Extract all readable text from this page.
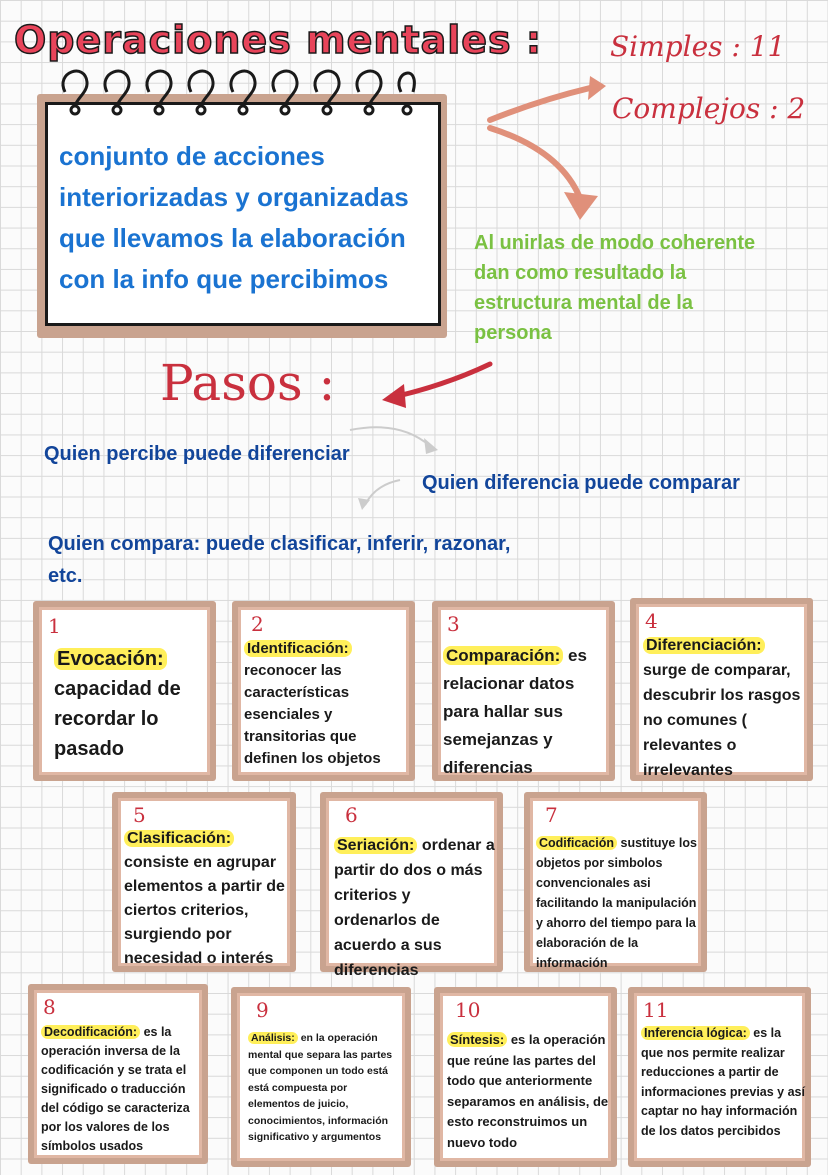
Operaciones mentales : Simples : 11
Complejos : 2
conjunto de acciones interiorizadas y organizadas que llevamos la elaboración con la info que percibimos
Al unirlas de modo coherente dan como resultado la estructura mental de la persona
Pasos :
Quien percibe puede diferenciar
Quien diferencia puede comparar
Quien compara: puede clasificar, inferir, razonar, etc.
1
Evocación: capacidad de recordar lo pasado
2
Identificación: reconocer las características esenciales y transitorias que definen los objetos
3
Comparación: es relacionar datos para hallar sus semejanzas y diferencias
4
Diferenciación: surge de comparar, descubrir los rasgos no comunes ( relevantes o irrelevantes
5
Clasificación: consiste en agrupar elementos a partir de ciertos criterios, surgiendo por necesidad o interés
6
Seriación: ordenar a partir do dos o más criterios y ordenarlos de acuerdo a sus diferencias
7
Codificación sustituye los objetos por simbolos convencionales asi facilitando la manipulación y ahorro del tiempo para la elaboración de la información
8
Decodificación: es la operación inversa de la codificación y se trata el significado o traducción del código se caracteriza por los valores de los símbolos usados
9
Análisis: en la operación mental que separa las partes que componen un todo está está compuesta por elementos de juicio, conocimientos, información significativo y argumentos
10
Síntesis: es la operación que reúne las partes del todo que anteriormente separamos en análisis, de esto reconstruimos un nuevo todo
11
Inferencia lógica: es la que nos permite realizar reducciones a partir de informaciones previas y así captar no hay información de los datos percibidos
